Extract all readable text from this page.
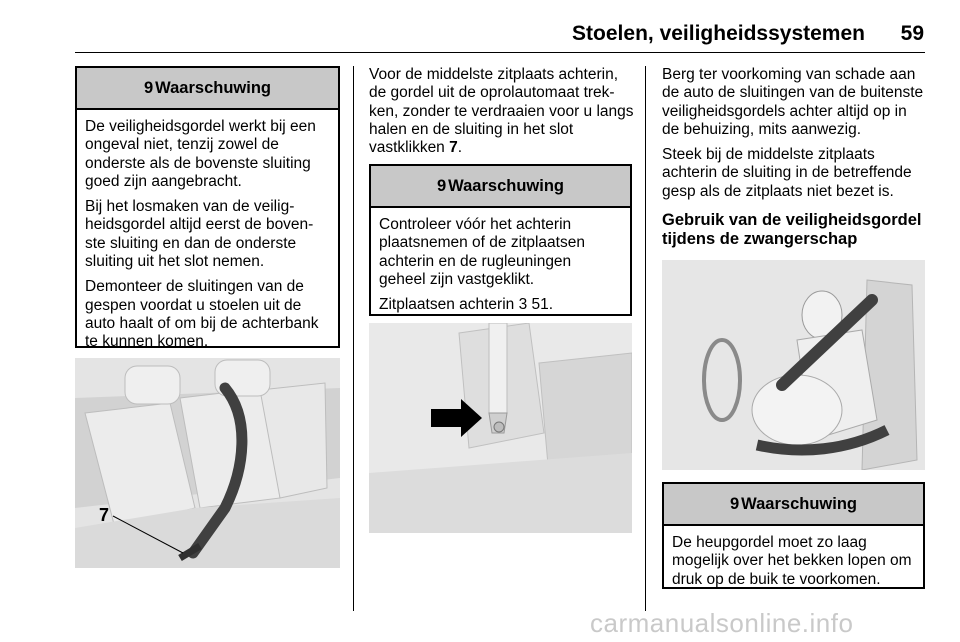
Stoelen, veiligheidssystemen 59
9 Waarschuwing

De veiligheidsgordel werkt bij een ongeval niet, tenzij zowel de onderste als de bovenste sluiting goed zijn aangebracht.

Bij het losmaken van de veilig-heidsgordel altijd eerst de boven-ste sluiting en dan de onderste sluiting uit het slot nemen.

Demonteer de sluitingen van de gespen voordat u stoelen uit de auto haalt of om bij de achterbank te kunnen komen.

7

Voor de middelste zitplaats achterin, de gordel uit de oprolautomaat trek-ken, zonder te verdraaien voor u langs halen en de sluiting in het slot vastklikken 7.

9 Waarschuwing

Controleer vóór het achterin plaatsnemen of de zitplaatsen achterin en de rugleuningen geheel zijn vastgeklikt.

Zitplaatsen achterin 3 51.

Berg ter voorkoming van schade aan de auto de sluitingen van de buitenste veiligheidsgordels achter altijd op in de behuizing, mits aanwezig.

Steek bij de middelste zitplaats achterin de sluiting in de betreffende gesp als de zitplaats niet bezet is.

Gebruik van de veiligheidsgordel tijdens de zwangerschap
9 Waarschuwing

De heupgordel moet zo laag mogelijk over het bekken lopen om druk op de buik te voorkomen.

carmanualsonline.info
